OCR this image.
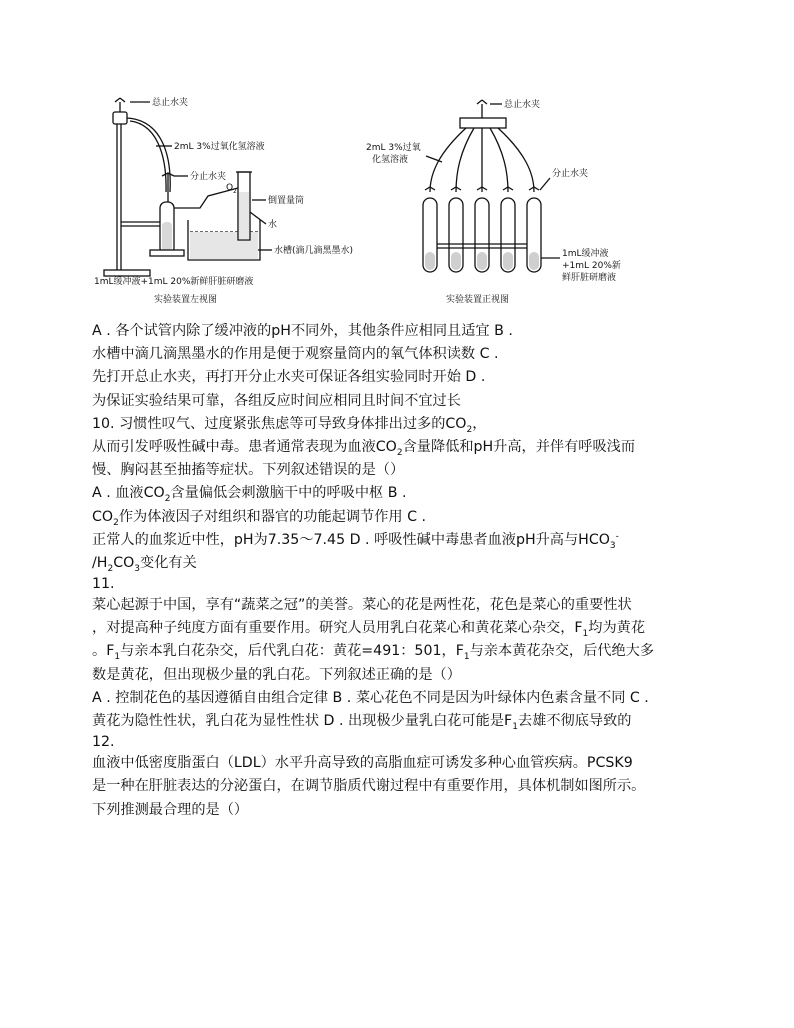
总止水夹
2mL 3%过氧化氢溶液
分止水夹
O 2
倒置量筒
水
水槽(滴几滴黑墨水)
1mL缓冲液+1mL 20%新鲜肝脏研磨液
实验装置左视图
总止水夹
2mL 3%过氧
化氢溶液
分止水夹
1mL缓冲液
+1mL 20%新
鲜肝脏研磨液
实验装置正视图
A . 各个试管内除了缓冲液的pH不同外，其他条件应相同且适宜 B .
水槽中滴几滴黑墨水的作用是便于观察量筒内的氧气体积读数 C .
先打开总止水夹，再打开分止水夹可保证各组实验同时开始 D .
为保证实验结果可靠，各组反应时间应相同且时间不宜过长
10. 习惯性叹气、过度紧张焦虑等可导致身体排出过多的$CO_2$，
从而引发呼吸性碱中毒。患者通常表现为血液$CO_2$含量降低和pH升高，并伴有呼吸浅而
慢、胸闷甚至抽搐等症状。下列叙述错误的是（）
A . 血液$CO_2$含量偏低会刺激脑干中的呼吸中枢 B .
$CO_2$作为体液因子对组织和器官的功能起调节作用 C .
正常人的血浆近中性，pH为7.35～7.45 D . 呼吸性碱中毒患者血液pH升高与$HCO_3^-$
$/H_2CO_3$变化有关
11.
菜心起源于中国，享有“蔬菜之冠”的美誉。菜心的花是两性花，花色是菜心的重要性状
，对提高种子纯度方面有重要作用。研究人员用乳白花菜心和黄花菜心杂交，$F_1$均为黄花
。$F_1$与亲本乳白花杂交，后代乳白花：黄花=491：501，$F_1$与亲本黄花杂交，后代绝大多
数是黄花，但出现极少量的乳白花。下列叙述正确的是（）
A . 控制花色的基因遵循自由组合定律 B . 菜心花色不同是因为叶绿体内色素含量不同 C .
黄花为隐性性状，乳白花为显性性状 D . 出现极少量乳白花可能是$F_1$去雄不彻底导致的
12.
血液中低密度脂蛋白（LDL）水平升高导致的高脂血症可诱发多种心血管疾病。PCSK9
是一种在肝脏表达的分泌蛋白，在调节脂质代谢过程中有重要作用，具体机制如图所示。
下列推测最合理的是（）
